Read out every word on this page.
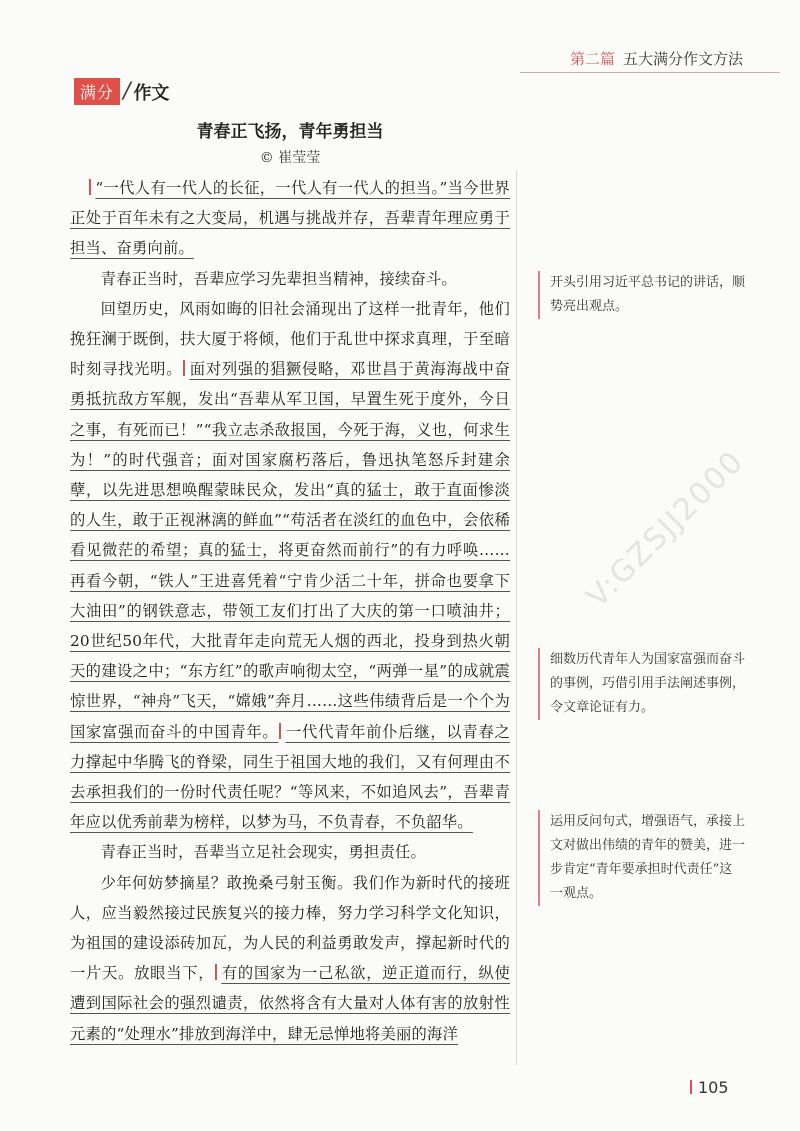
第二篇 五大满分作文方法
满分 / 作文
青春正飞扬，青年勇担当
© 崔莹莹

“一代人有一代人的长征，一代人有一代人的担当。”当今世界正处于百年未有之大变局，机遇与挑战并存，吾辈青年理应勇于担当、奋勇向前。

青春正当时，吾辈应学习先辈担当精神，接续奋斗。

回望历史，风雨如晦的旧社会涌现出了这样一批青年，他们挽狂澜于既倒，扶大厦于将倾，他们于乱世中探求真理，于至暗时刻寻找光明。 面对列强的猖獗侵略，邓世昌于黄海海战中奋勇抵抗敌方军舰，发出“吾辈从军卫国，早置生死于度外，今日之事，有死而已！”“我立志杀敌报国，今死于海，义也，何求生为！”的时代强音；面对国家腐朽落后，鲁迅执笔怒斥封建余孽，以先进思想唤醒蒙昧民众，发出“真的猛士，敢于直面惨淡的人生，敢于正视淋漓的鲜血”“苟活者在淡红的血色中，会依稀看见微茫的希望；真的猛士，将更奋然而前行”的有力呼唤……再看今朝，“铁人”王进喜凭着“宁肯少活二十年，拼命也要拿下大油田”的钢铁意志，带领工友们打出了大庆的第一口喷油井；20世纪50年代，大批青年走向荒无人烟的西北，投身到热火朝天的建设之中；“东方红”的歌声响彻太空，“两弹一星”的成就震惊世界，“神舟”飞天，“嫦娥”奔月……这些伟绩背后是一个个为国家富强而奋斗的中国青年。 一代代青年前仆后继，以青春之力撑起中华腾飞的脊梁，同生于祖国大地的我们，又有何理由不去承担我们的一份时代责任呢？“等风来，不如追风去”，吾辈青年应以优秀前辈为榜样，以梦为马，不负青春，不负韶华。

青春正当时，吾辈当立足社会现实，勇担责任。

少年何妨梦摘星？敢挽桑弓射玉衡。我们作为新时代的接班人，应当毅然接过民族复兴的接力棒，努力学习科学文化知识，为祖国的建设添砖加瓦，为人民的利益勇敢发声，撑起新时代的一片天。放眼当下， 有的国家为一己私欲，逆正道而行，纵使遭到国际社会的强烈谴责，依然将含有大量对人体有害的放射性元素的“处理水”排放到海洋中，肆无忌惮地将美丽的海洋

开头引用习近平总书记的讲话，顺势亮出观点。
细数历代青年人为国家富强而奋斗的事例，巧借引用手法阐述事例，令文章论证有力。
运用反问句式，增强语气，承接上文对做出伟绩的青年的赞美，进一步肯定“青年要承担时代责任”这一观点。
V:GZSJJ2000
105
